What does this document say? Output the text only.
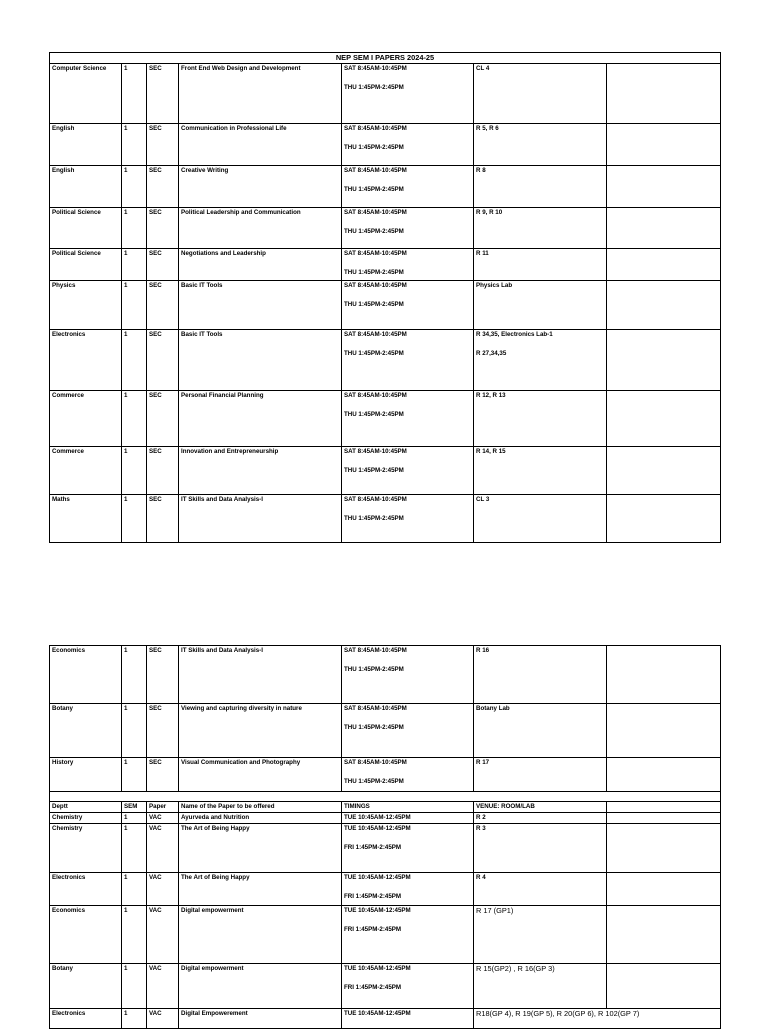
NEP SEM I PAPERS 2024-25						
Computer Science	1	SEC	Front End Web Design and Development	SAT 8:45AM-10:45PM
THU 1:45PM-2:45PM	CL 4	

English	1	SEC	Communication in Professional Life	SAT 8:45AM-10:45PM
THU 1:45PM-2:45PM	R 5, R 6	

English	1	SEC	Creative Writing	SAT 8:45AM-10:45PM
THU 1:45PM-2:45PM	R 8	

Political Science	1	SEC	Political Leadership and Communication	SAT 8:45AM-10:45PM
THU 1:45PM-2:45PM	R 9, R 10	

Political Science	1	SEC	Negotiations and Leadership	SAT 8:45AM-10:45PM
THU 1:45PM-2:45PM	R 11	

Physics	1	SEC	Basic IT Tools	SAT 8:45AM-10:45PM
THU 1:45PM-2:45PM	Physics Lab	

Electronics	1	SEC	Basic IT Tools	SAT 8:45AM-10:45PM
THU 1:45PM-2:45PM	R 34,35, Electronics Lab-1
R 27,34,35	

Commerce	1	SEC	Personal Financial Planning	SAT 8:45AM-10:45PM
THU 1:45PM-2:45PM	R 12, R 13	

Commerce	1	SEC	Innovation and Entrepreneurship	SAT 8:45AM-10:45PM
THU 1:45PM-2:45PM	R 14, R 15	

Maths	1	SEC	IT Skills and Data Analysis-I	SAT 8:45AM-10:45PM
THU 1:45PM-2:45PM	CL 3	

Economics	1	SEC	IT Skills and Data Analysis-I	SAT 8:45AM-10:45PM
THU 1:45PM-2:45PM	R 16	

Botany	1	SEC	Viewing and capturing diversity in nature	SAT 8:45AM-10:45PM
THU 1:45PM-2:45PM	Botany Lab	

History	1	SEC	Visual Communication and Photography	SAT 8:45AM-10:45PM
THU 1:45PM-2:45PM	R 17	

Deptt	SEM	Paper	Name of the Paper to be offered	TIMINGS	VENUE: ROOM/LAB	
Chemistry	1	VAC	Ayurveda and Nutrition	TUE 10:45AM-12:45PM	R 2	

Chemistry	1	VAC	The Art of Being Happy	TUE 10:45AM-12:45PM
FRI 1:45PM-2:45PM	R 3	

Electronics	1	VAC	The Art of Being Happy	TUE 10:45AM-12:45PM
FRI 1:45PM-2:45PM	R 4	

Economics	1	VAC	Digital empowerment	TUE 10:45AM-12:45PM
FRI 1:45PM-2:45PM	R 17 (GP1)	

Botany	1	VAC	Digital empowerment	TUE 10:45AM-12:45PM
FRI 1:45PM-2:45PM	R 15(GP2) , R 16(GP 3)	

Electronics	1	VAC	Digital Empowerement	TUE 10:45AM-12:45PM	R18(GP 4), R 19(GP 5), R 20(GP 6), R 102(GP 7)	
